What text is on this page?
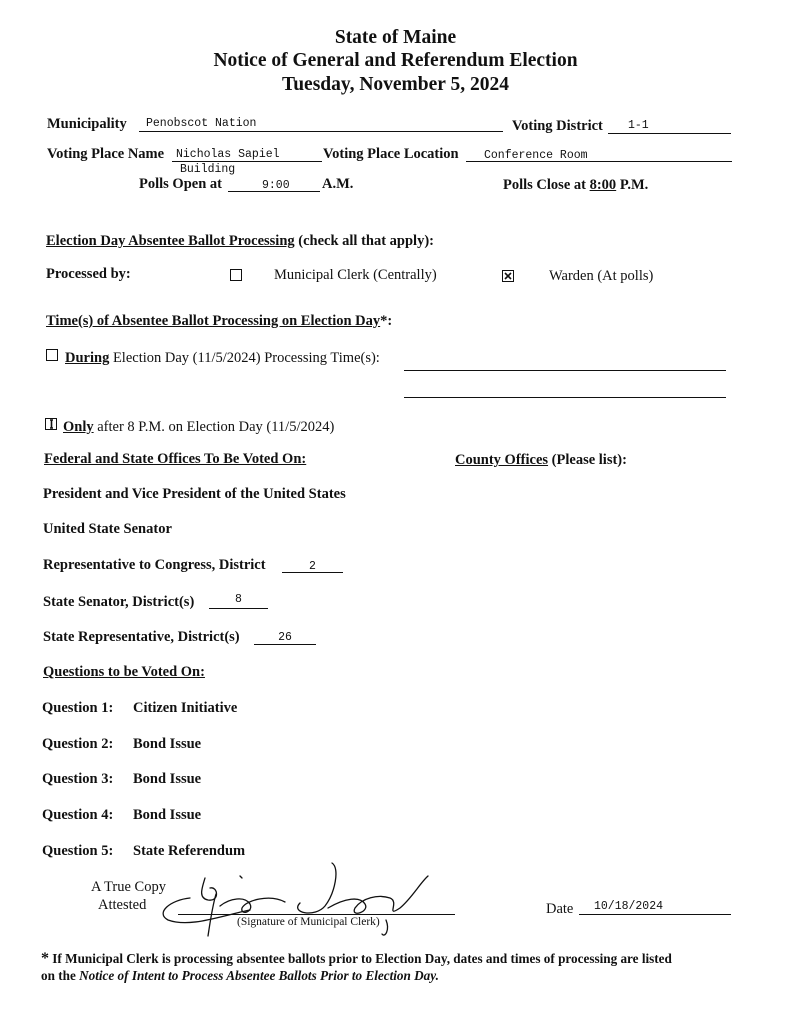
State of Maine
Notice of General and Referendum Election
Tuesday, November 5, 2024
Municipality Penobscot Nation	Voting District 1-1
Voting Place Name Nicholas Sapiel
Building
Voting Place Location Conference Room
Polls Open at	9:00 A.M.	Polls Close at 8:00 P.M.
Election Day Absentee Ballot Processing (check all that apply):
Processed by:	Municipal Clerk (Centrally)	Warden (At polls)
Time(s) of Absentee Ballot Processing on Election Day*:
During Election Day (11/5/2024) Processing Time(s):
Only after 8 P.M. on Election Day (11/5/2024)
Federal and State Offices To Be Voted On:	County Offices (Please list):
President and Vice President of the United States
United State Senator
Representative to Congress, District	2
State Senator, District(s)	8
State Representative, District(s)	26
Questions to be Voted On:
Question 1: Citizen Initiative
Question 2: Bond Issue
Question 3: Bond Issue
Question 4: Bond Issue
Question 5: State Referendum
A True Copy
Attested
(Signature of Municipal Clerk)
Date 10/18/2024
* If Municipal Clerk is processing absentee ballots prior to Election Day, dates and times of processing are listed
on the Notice of Intent to Process Absentee Ballots Prior to Election Day.
